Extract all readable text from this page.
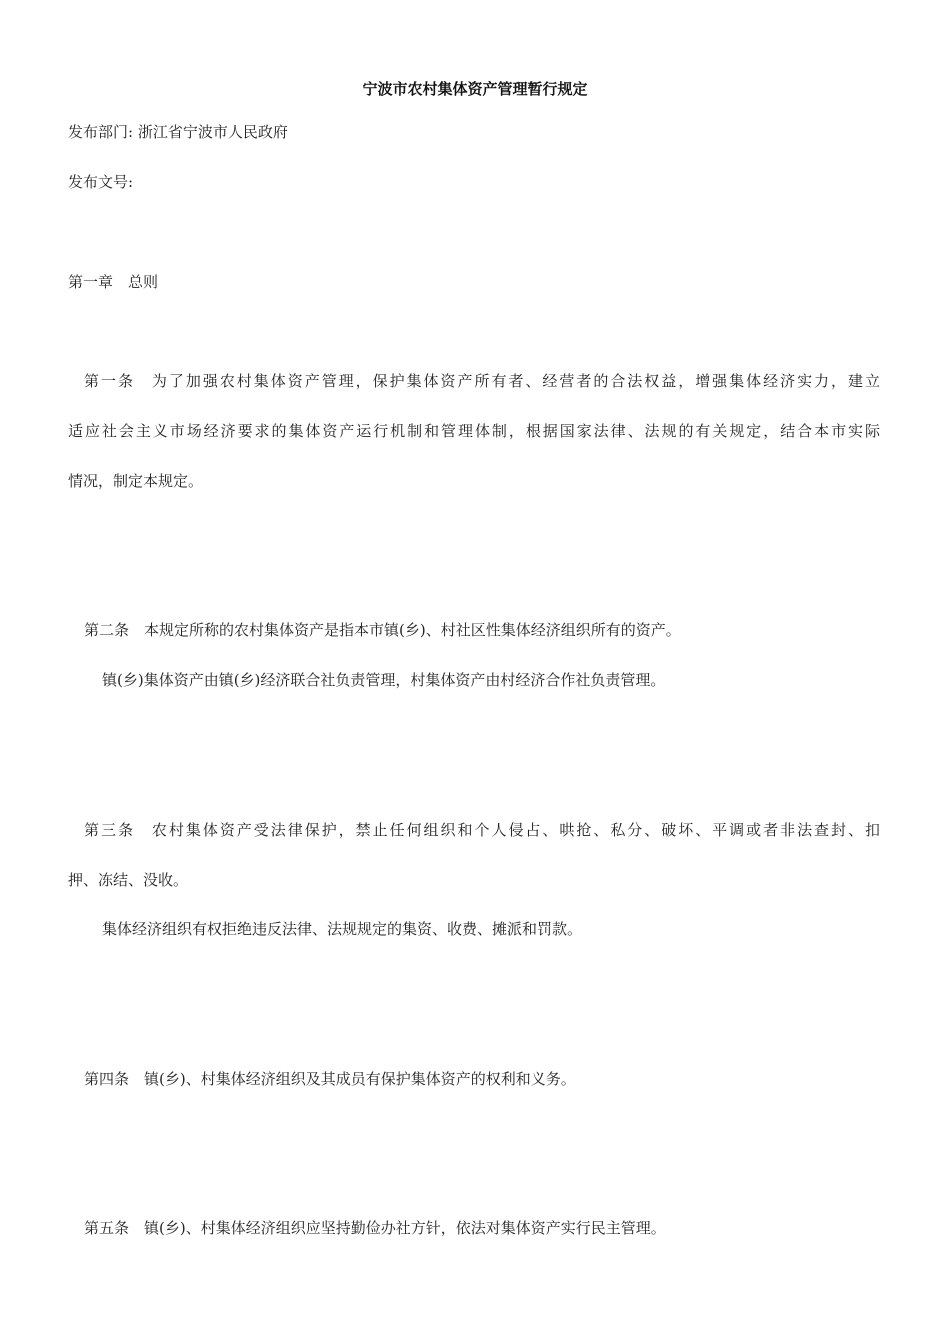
宁波市农村集体资产管理暂行规定
发布部门: 浙江省宁波市人民政府
发布文号:
第一章　总则
第一条　为了加强农村集体资产管理，保护集体资产所有者、经营者的合法权益，增强集体经济实力，建立
适应社会主义市场经济要求的集体资产运行机制和管理体制，根据国家法律、法规的有关规定，结合本市实际
情况，制定本规定。
第二条　本规定所称的农村集体资产是指本市镇(乡)、村社区性集体经济组织所有的资产。
镇(乡)集体资产由镇(乡)经济联合社负责管理，村集体资产由村经济合作社负责管理。
第三条　农村集体资产受法律保护，禁止任何组织和个人侵占、哄抢、私分、破坏、平调或者非法查封、扣
押、冻结、没收。
集体经济组织有权拒绝违反法律、法规规定的集资、收费、摊派和罚款。
第四条　镇(乡)、村集体经济组织及其成员有保护集体资产的权利和义务。
第五条　镇(乡)、村集体经济组织应坚持勤俭办社方针，依法对集体资产实行民主管理。
